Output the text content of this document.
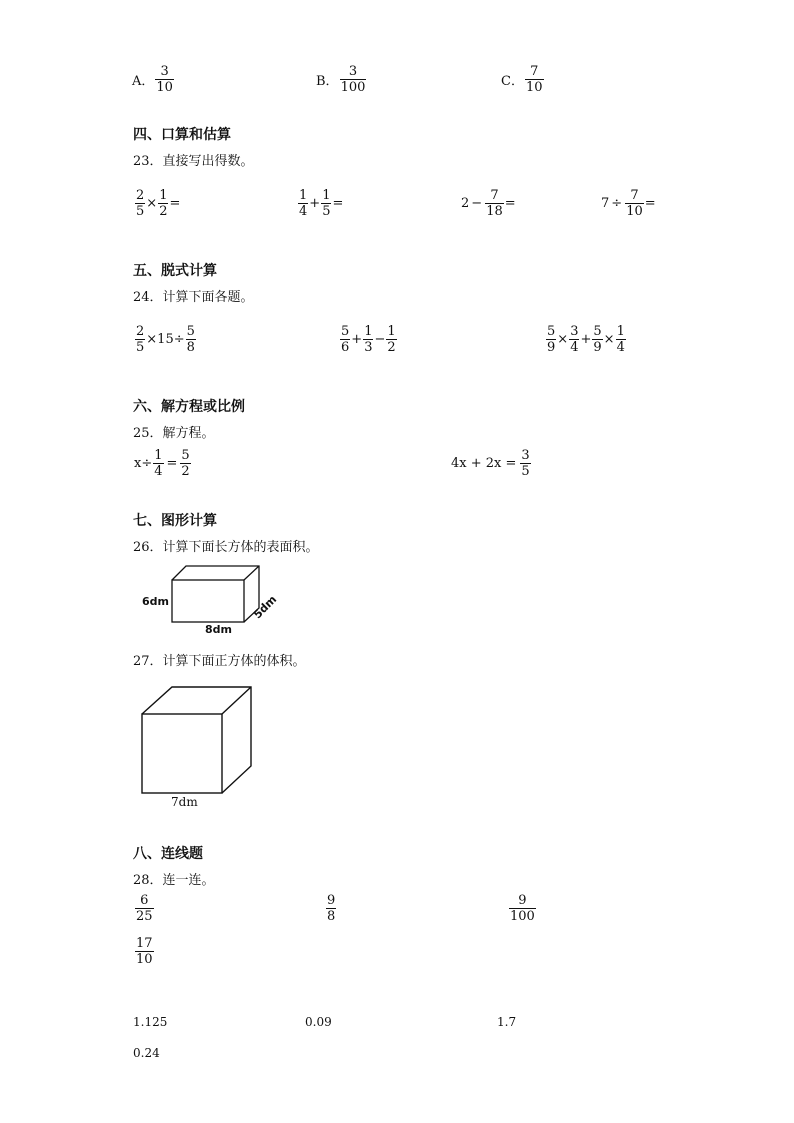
A． $\frac{3}{10}$	B． $\frac{3}{100}$	C． $\frac{7}{10}$
四、口算和估算
23．直接写出得数。
$\frac{2}{5} \times \frac{1}{2}$ =	$\frac{1}{4} + \frac{1}{5}$ =	$2 - \frac{7}{18}$ =	$7 \div \frac{7}{10}$ =
五、脱式计算
24．计算下面各题。
$\frac{2}{5} \times 15\div \frac{5}{8}$	$\frac{5}{6} + \frac{1}{3} - \frac{1}{2}$	$\frac{5}{9} \times \frac{3}{4} + \frac{5}{9} \times \frac{1}{4}$
六、解方程或比例
25．解方程。
$x\div \frac{1}{4} = \frac{5}{2}$	$4x + 2x = \frac{3}{5}$
七、图形计算
26．计算下面长方体的表面积。
6dm
8dm
5dm
27．计算下面正方体的体积。
7dm
八、连线题
28．连一连。
$\frac{6}{25}$	$\frac{9}{8}$	$\frac{9}{100}$
$\frac{17}{10}$
1.125	0.09	1.7
0.24
